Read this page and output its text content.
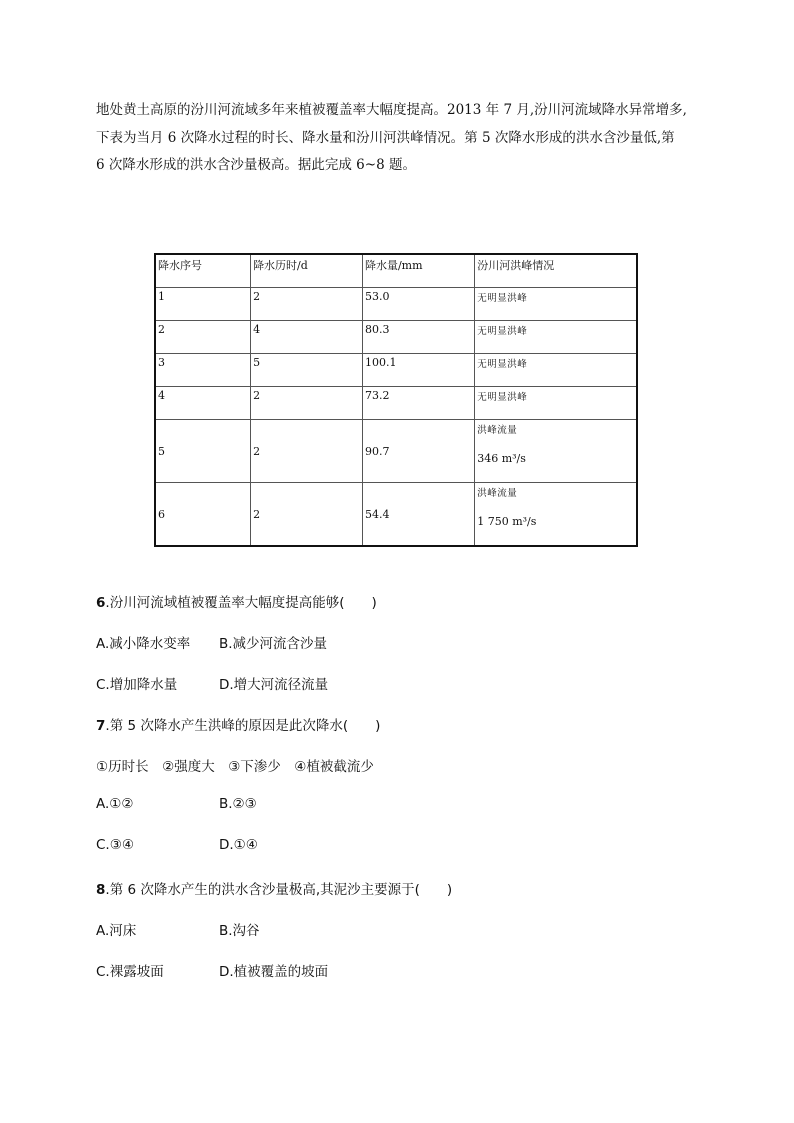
地处黄土高原的汾川河流域多年来植被覆盖率大幅度提高。2013 年 7 月,汾川河流域降水异常增多,
下表为当月 6 次降水过程的时长、降水量和汾川河洪峰情况。第 5 次降水形成的洪水含沙量低,第
6 次降水形成的洪水含沙量极高。据此完成 6~8 题。

降水序号	降水历时/d	降水量/mm	汾川河洪峰情况
1	2	53.0	无明显洪峰

2	4	80.3	无明显洪峰

3	5	100.1	无明显洪峰

4	2	73.2	无明显洪峰

5	2	90.7	洪峰流量
346 m³/s

6	2	54.4	洪峰流量
1 750 m³/s

6.汾川河流域植被覆盖率大幅度提高能够(　　)

A.减小降水变率 B.减少河流含沙量

C.增加降水量	D.增大河流径流量

7.第 5 次降水产生洪峰的原因是此次降水(　　)

①历时长　②强度大　③下渗少　④植被截流少

A.①②	B.②③

C.③④	D.①④

8.第 6 次降水产生的洪水含沙量极高,其泥沙主要源于(　　)

A.河床	B.沟谷

C.裸露坡面	D.植被覆盖的坡面
